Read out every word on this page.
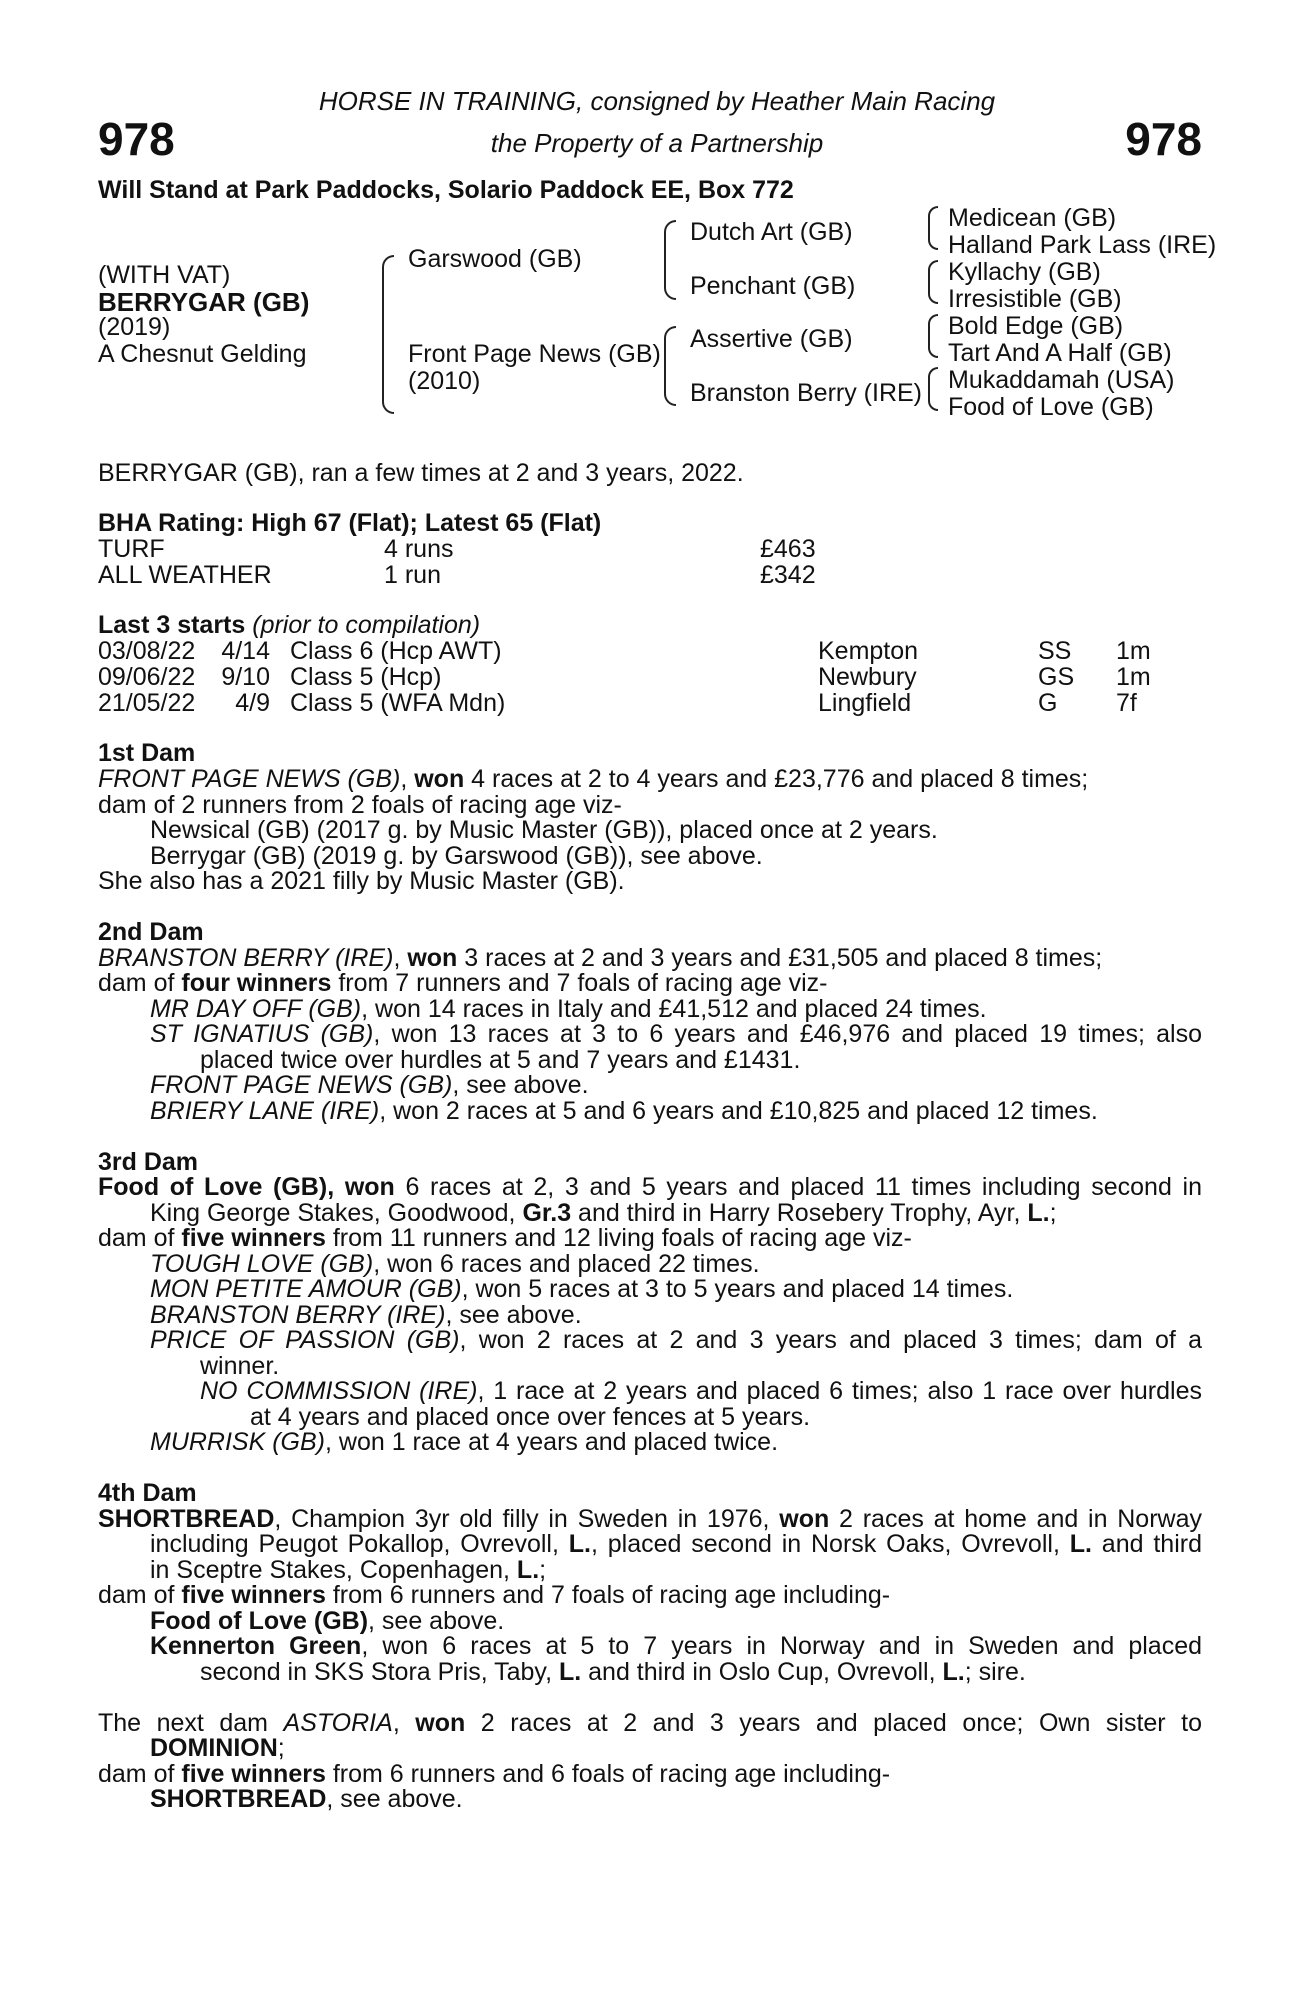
978	978
HORSE IN TRAINING, consigned by Heather Main Racing
the Property of a Partnership
Will Stand at Park Paddocks, Solario Paddock EE, Box 772
(WITH VAT)
BERRYGAR (GB)
(2019)
A Chesnut Gelding
Garswood (GB)
Front Page News (GB)
(2010)
Dutch Art (GB)
Penchant (GB)
Assertive (GB)
Branston Berry (IRE)
Medicean (GB)
Halland Park Lass (IRE)
Kyllachy (GB)
Irresistible (GB)
Bold Edge (GB)
Tart And A Half (GB)
Mukaddamah (USA)
Food of Love (GB)
BERRYGAR (GB), ran a few times at 2 and 3 years, 2022.
BHA Rating: High 67 (Flat); Latest 65 (Flat)
TURF	4 runs	£463
ALL WEATHER	1 run	£342
Last 3 starts (prior to compilation)
03/08/22 4/14 Class 6 (Hcp AWT)	Kempton	SS 1m
09/06/22 9/10 Class 5 (Hcp)	Newbury	GS 1m
21/05/22	4/9 Class 5 (WFA Mdn)	Lingfield	G 7f
1st Dam
FRONT PAGE NEWS (GB), won 4 races at 2 to 4 years and £23,776 and placed 8 times;
dam of 2 runners from 2 foals of racing age viz-
Newsical (GB) (2017 g. by Music Master (GB)), placed once at 2 years.
Berrygar (GB) (2019 g. by Garswood (GB)), see above.
She also has a 2021 filly by Music Master (GB).
2nd Dam
BRANSTON BERRY (IRE), won 3 races at 2 and 3 years and £31,505 and placed 8 times;
dam of four winners from 7 runners and 7 foals of racing age viz-
MR DAY OFF (GB), won 14 races in Italy and £41,512 and placed 24 times.
ST IGNATIUS (GB), won 13 races at 3 to 6 years and £46,976 and placed 19 times; also
placed twice over hurdles at 5 and 7 years and £1431.
FRONT PAGE NEWS (GB), see above.
BRIERY LANE (IRE), won 2 races at 5 and 6 years and £10,825 and placed 12 times.
3rd Dam
Food of Love (GB), won 6 races at 2, 3 and 5 years and placed 11 times including second in
King George Stakes, Goodwood, Gr.3 and third in Harry Rosebery Trophy, Ayr, L.;
dam of five winners from 11 runners and 12 living foals of racing age viz-
TOUGH LOVE (GB), won 6 races and placed 22 times.
MON PETITE AMOUR (GB), won 5 races at 3 to 5 years and placed 14 times.
BRANSTON BERRY (IRE), see above.
PRICE OF PASSION (GB), won 2 races at 2 and 3 years and placed 3 times; dam of a
winner.
NO COMMISSION (IRE), 1 race at 2 years and placed 6 times; also 1 race over hurdles
at 4 years and placed once over fences at 5 years.
MURRISK (GB), won 1 race at 4 years and placed twice.
4th Dam
SHORTBREAD, Champion 3yr old filly in Sweden in 1976, won 2 races at home and in Norway
including Peugot Pokallop, Ovrevoll, L., placed second in Norsk Oaks, Ovrevoll, L. and third
in Sceptre Stakes, Copenhagen, L.;
dam of five winners from 6 runners and 7 foals of racing age including-
Food of Love (GB), see above.
Kennerton Green, won 6 races at 5 to 7 years in Norway and in Sweden and placed
second in SKS Stora Pris, Taby, L. and third in Oslo Cup, Ovrevoll, L.; sire.
The next dam ASTORIA, won 2 races at 2 and 3 years and placed once; Own sister to
DOMINION;
dam of five winners from 6 runners and 6 foals of racing age including-
SHORTBREAD, see above.
